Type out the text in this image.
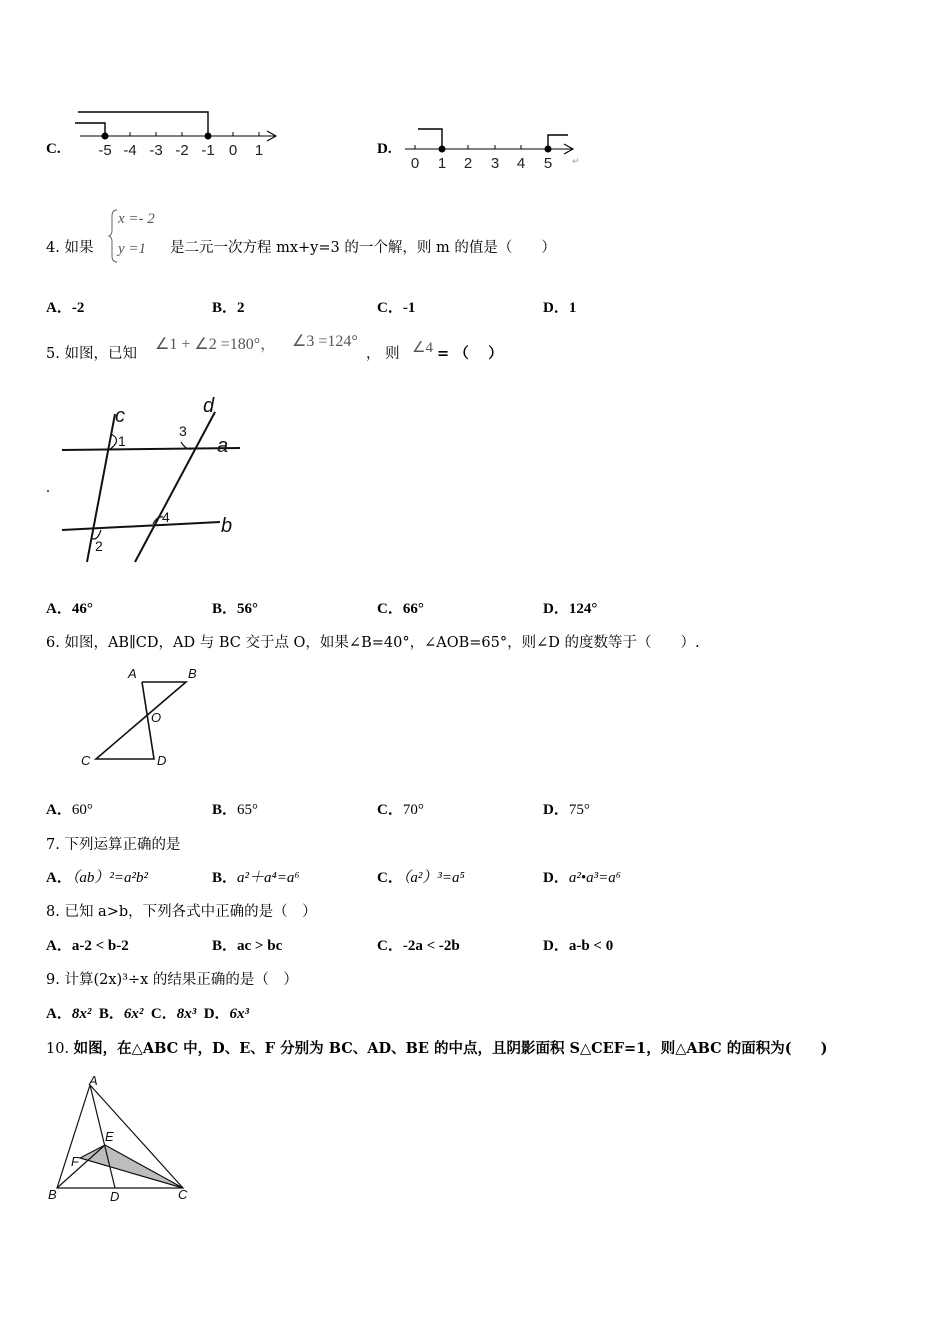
C.	-5 -4 -3 -2 -1 0 1	D.
0 1 2 3 4 5 ↵
4. 如果
x =- 2
y =1 是二元一次方程 mx+y=3 的一个解，则 m 的值是（　　）
A．-2	B．2	C．-1	D．1
5. 如图，已知
∠1 + ∠2 =180°， ∠3 =124°
， 则 ∠4 = （　 ）
c	d
a
b
1
2
3
4
A．46°	B．56°	C．66°	D．124°
6. 如图，AB∥CD，AD 与 BC 交于点 O，如果∠B=40°，∠AOB=65°，则∠D 的度数等于（　　）.
A	B
O
C	D
A．60°	B．65°	C．70°	D．75°
7. 下列运算正确的是
A．（ab）²=a²b²	B．a²＋a⁴=a⁶	C．（a²）³=a⁵	D．a²•a³=a⁶
8. 已知 a>b，下列各式中正确的是（　）
A．a-2 < b-2	B．ac > bc	C．-2a < -2b	D．a-b < 0
9. 计算(2x)³÷x 的结果正确的是（　）
A．8x² B．6x² C．8x³ D．6x³
10. 如图，在△ABC 中，D、E、F 分别为 BC、AD、BE 的中点，且阴影面积 S△CEF=1，则△ABC 的面积为(　　)
A
B	C
D
E
F
